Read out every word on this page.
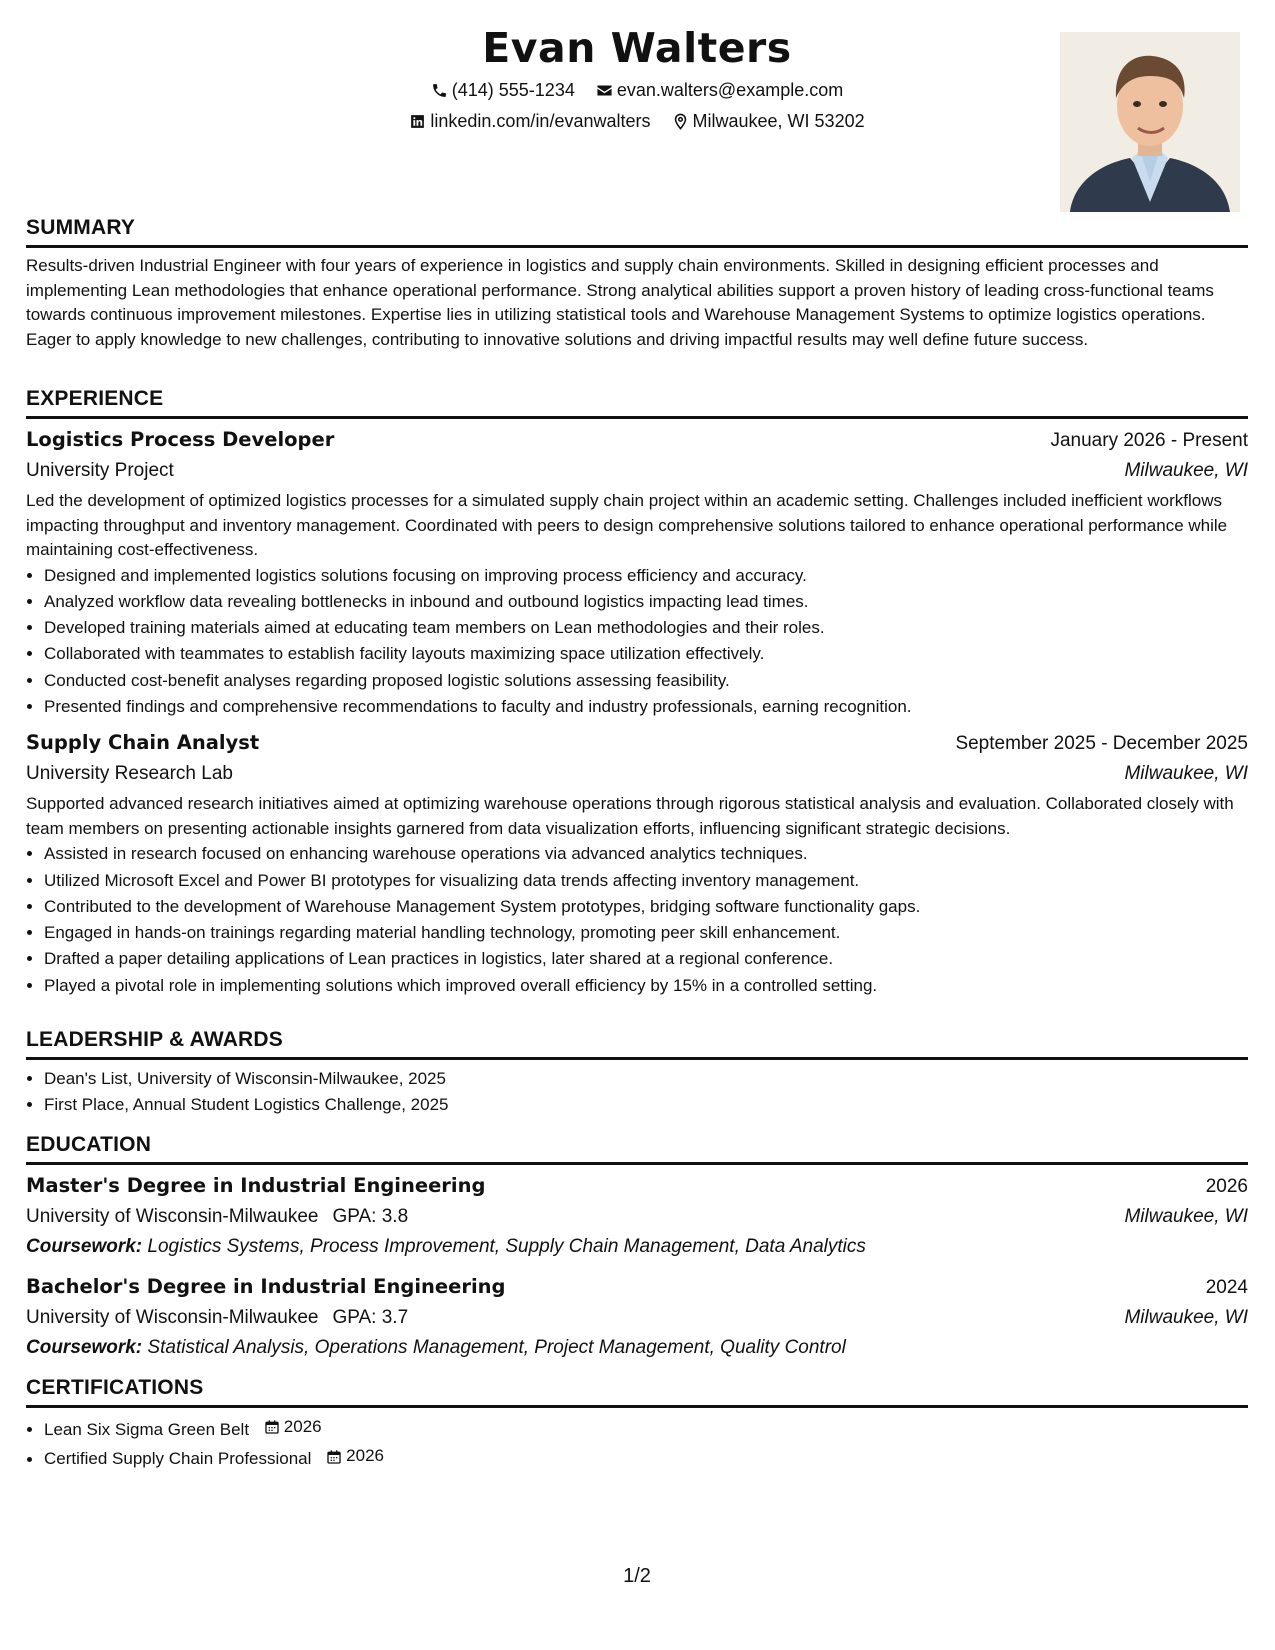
Evan Walters
(414) 555-1234
evan.walters@example.com
linkedin.com/in/evanwalters
Milwaukee, WI 53202
SUMMARY

Results-driven Industrial Engineer with four years of experience in logistics and supply chain environments. Skilled in designing efficient processes and implementing Lean methodologies that enhance operational performance. Strong analytical abilities support a proven history of leading cross-functional teams towards continuous improvement milestones. Expertise lies in utilizing statistical tools and Warehouse Management Systems to optimize logistics operations. Eager to apply knowledge to new challenges, contributing to innovative solutions and driving impactful results may well define future success.

EXPERIENCE
Logistics Process Developer	January 2026 - Present
University Project	Milwaukee, WI

Led the development of optimized logistics processes for a simulated supply chain project within an academic setting. Challenges included inefficient workflows impacting throughput and inventory management. Coordinated with peers to design comprehensive solutions tailored to enhance operational performance while maintaining cost-effectiveness.

• Designed and implemented logistics solutions focusing on improving process efficiency and accuracy.
• Analyzed workflow data revealing bottlenecks in inbound and outbound logistics impacting lead times.
• Developed training materials aimed at educating team members on Lean methodologies and their roles.
• Collaborated with teammates to establish facility layouts maximizing space utilization effectively.
• Conducted cost-benefit analyses regarding proposed logistic solutions assessing feasibility.
• Presented findings and comprehensive recommendations to faculty and industry professionals, earning recognition.
Supply Chain Analyst	September 2025 - December 2025
University Research Lab	Milwaukee, WI

Supported advanced research initiatives aimed at optimizing warehouse operations through rigorous statistical analysis and evaluation. Collaborated closely with team members on presenting actionable insights garnered from data visualization efforts, influencing significant strategic decisions.

• Assisted in research focused on enhancing warehouse operations via advanced analytics techniques.
• Utilized Microsoft Excel and Power BI prototypes for visualizing data trends affecting inventory management.
• Contributed to the development of Warehouse Management System prototypes, bridging software functionality gaps.
• Engaged in hands-on trainings regarding material handling technology, promoting peer skill enhancement.
• Drafted a paper detailing applications of Lean practices in logistics, later shared at a regional conference.
• Played a pivotal role in implementing solutions which improved overall efficiency by 15% in a controlled setting.
LEADERSHIP & AWARDS
• Dean's List, University of Wisconsin-Milwaukee, 2025
• First Place, Annual Student Logistics Challenge, 2025
EDUCATION
Master's Degree in Industrial Engineering	2026
University of Wisconsin-Milwaukee GPA: 3.8	Milwaukee, WI
Coursework: Logistics Systems, Process Improvement, Supply Chain Management, Data Analytics
Bachelor's Degree in Industrial Engineering	2024
University of Wisconsin-Milwaukee GPA: 3.7	Milwaukee, WI
Coursework: Statistical Analysis, Operations Management, Project Management, Quality Control
CERTIFICATIONS
• Lean Six Sigma Green Belt 2026
• Certified Supply Chain Professional 2026
1/2
